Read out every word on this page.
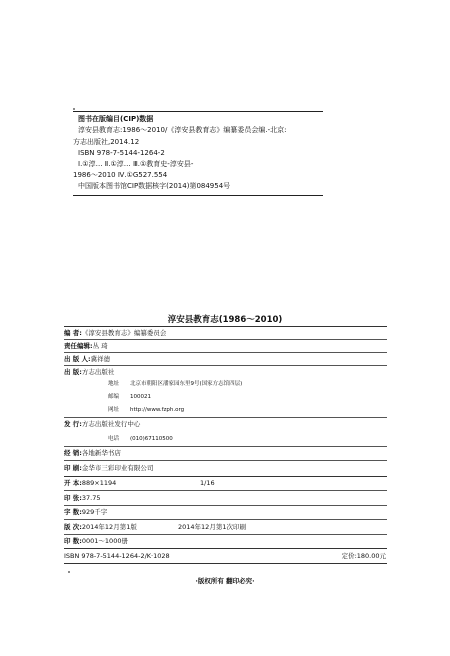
图书在版编目(CIP)数据
淳安县教育志:1986～2010/《淳安县教育志》编纂委员会编.-北京:
方志出版社,2014.12
ISBN 978-7-5144-1264-2
Ⅰ.①淳… Ⅱ.①淳… Ⅲ.①教育史-淳安县-
1986～2010 Ⅳ.①G527.554
中国版本图书馆CIP数据核字(2014)第084954号
淳安县教育志(1986～2010)
编 者:《淳安县教育志》编纂委员会
责任编辑:丛 琦
出 版 人:冀祥德
出 版:方志出版社
地址 北京市朝阳区潘家园东里9号(国家方志馆四层)
邮编 100021
网址 http://www.fzph.org
发 行:方志出版社发行中心
电话 (010)67110500
经 销:各地新华书店
印 刷:金华市三彩印业有限公司
开 本:889×1194	1/16
印 张:37.75
字 数:929千字
版 次:2014年12月第1版	2014年12月第1次印刷
印 数:0001～1000册
ISBN 978-7-5144-1264-2/K·1028	定价:180.00元
·版权所有 翻印必究·
